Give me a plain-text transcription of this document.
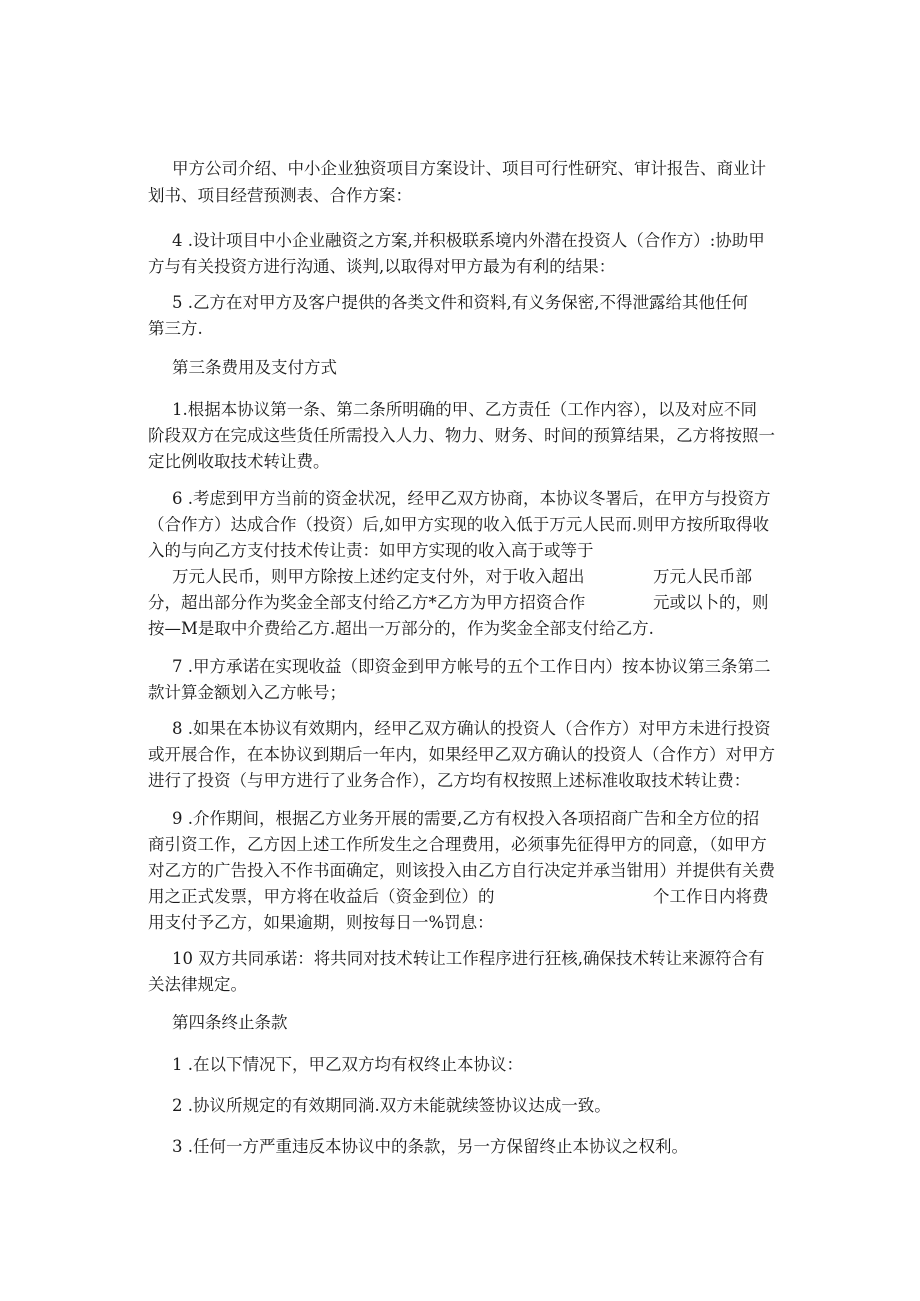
甲方公司介绍、中小企业独资项目方案设计、项目可行性研究、审计报告、商业计
划书、项目经营预测表、合作方案：
4 .设计项目中小企业融资之方案,并积极联系境内外潜在投资人（合作方）:协助甲
方与有关投资方进行沟通、谈判,以取得对甲方最为有利的结果：
5 .乙方在对甲方及客户提供的各类文件和资料,有义务保密,不得泄露给其他任何
第三方.
第三条费用及支付方式
1.根据本协议第一条、第二条所明确的甲、乙方责任（工作内容），以及对应不同
阶段双方在完成这些货任所需投入人力、物力、财务、时间的预算结果，乙方将按照一
定比例收取技术转让费。
6 .考虑到甲方当前的资金状况，经甲乙双方协商，本协议冬署后，在甲方与投资方
（合作方）达成合作（投资）后,如甲方实现的收入低于万元人民而.则甲方按所取得收
入的与向乙方支付技术传让责：如甲方实现的收入高于或等于
万元人民币，则甲方除按上述约定支付外，对于收入超出	万元人民币部
分，超出部分作为奖金全部支付给乙方*乙方为甲方招资合作	元或以卜的，则
按—M是取中介费给乙方.超出一万部分的，作为奖金全部支付给乙方.
7 .甲方承诺在实现收益（即资金到甲方帐号的五个工作日内）按本协议第三条第二
款计算金额划入乙方帐号；
8 .如果在本协议有效期内，经甲乙双方确认的投资人（合作方）对甲方未进行投资
或开展合作，在本协议到期后一年内，如果经甲乙双方确认的投资人（合作方）对甲方
进行了投资（与甲方进行了业务合作），乙方均有权按照上述标准收取技术转让费：
9 .介作期间，根据乙方业务开展的需要,乙方有权投入各项招商广告和全方位的招
商引资工作，乙方因上述工作所发生之合理费用，必须事先征得甲方的同意，（如甲方
对乙方的广告投入不作书面确定，则该投入由乙方自行决定并承当钳用）并提供有关费
用之正式发票，甲方将在收益后（资金到位）的	个工作日内将费
用支付予乙方，如果逾期，则按每日一%罚息：
10 双方共同承诺：将共同对技术转让工作程序进行狂核,确保技术转让来源符合有
关法律规定。
第四条终止条款
1 .在以下情况下，甲乙双方均有权终止本协议：
2 .协议所规定的有效期同淌.双方未能就续签协议达成一致。
3 .任何一方严重违反本协议中的条款，另一方保留终止本协议之权利。
